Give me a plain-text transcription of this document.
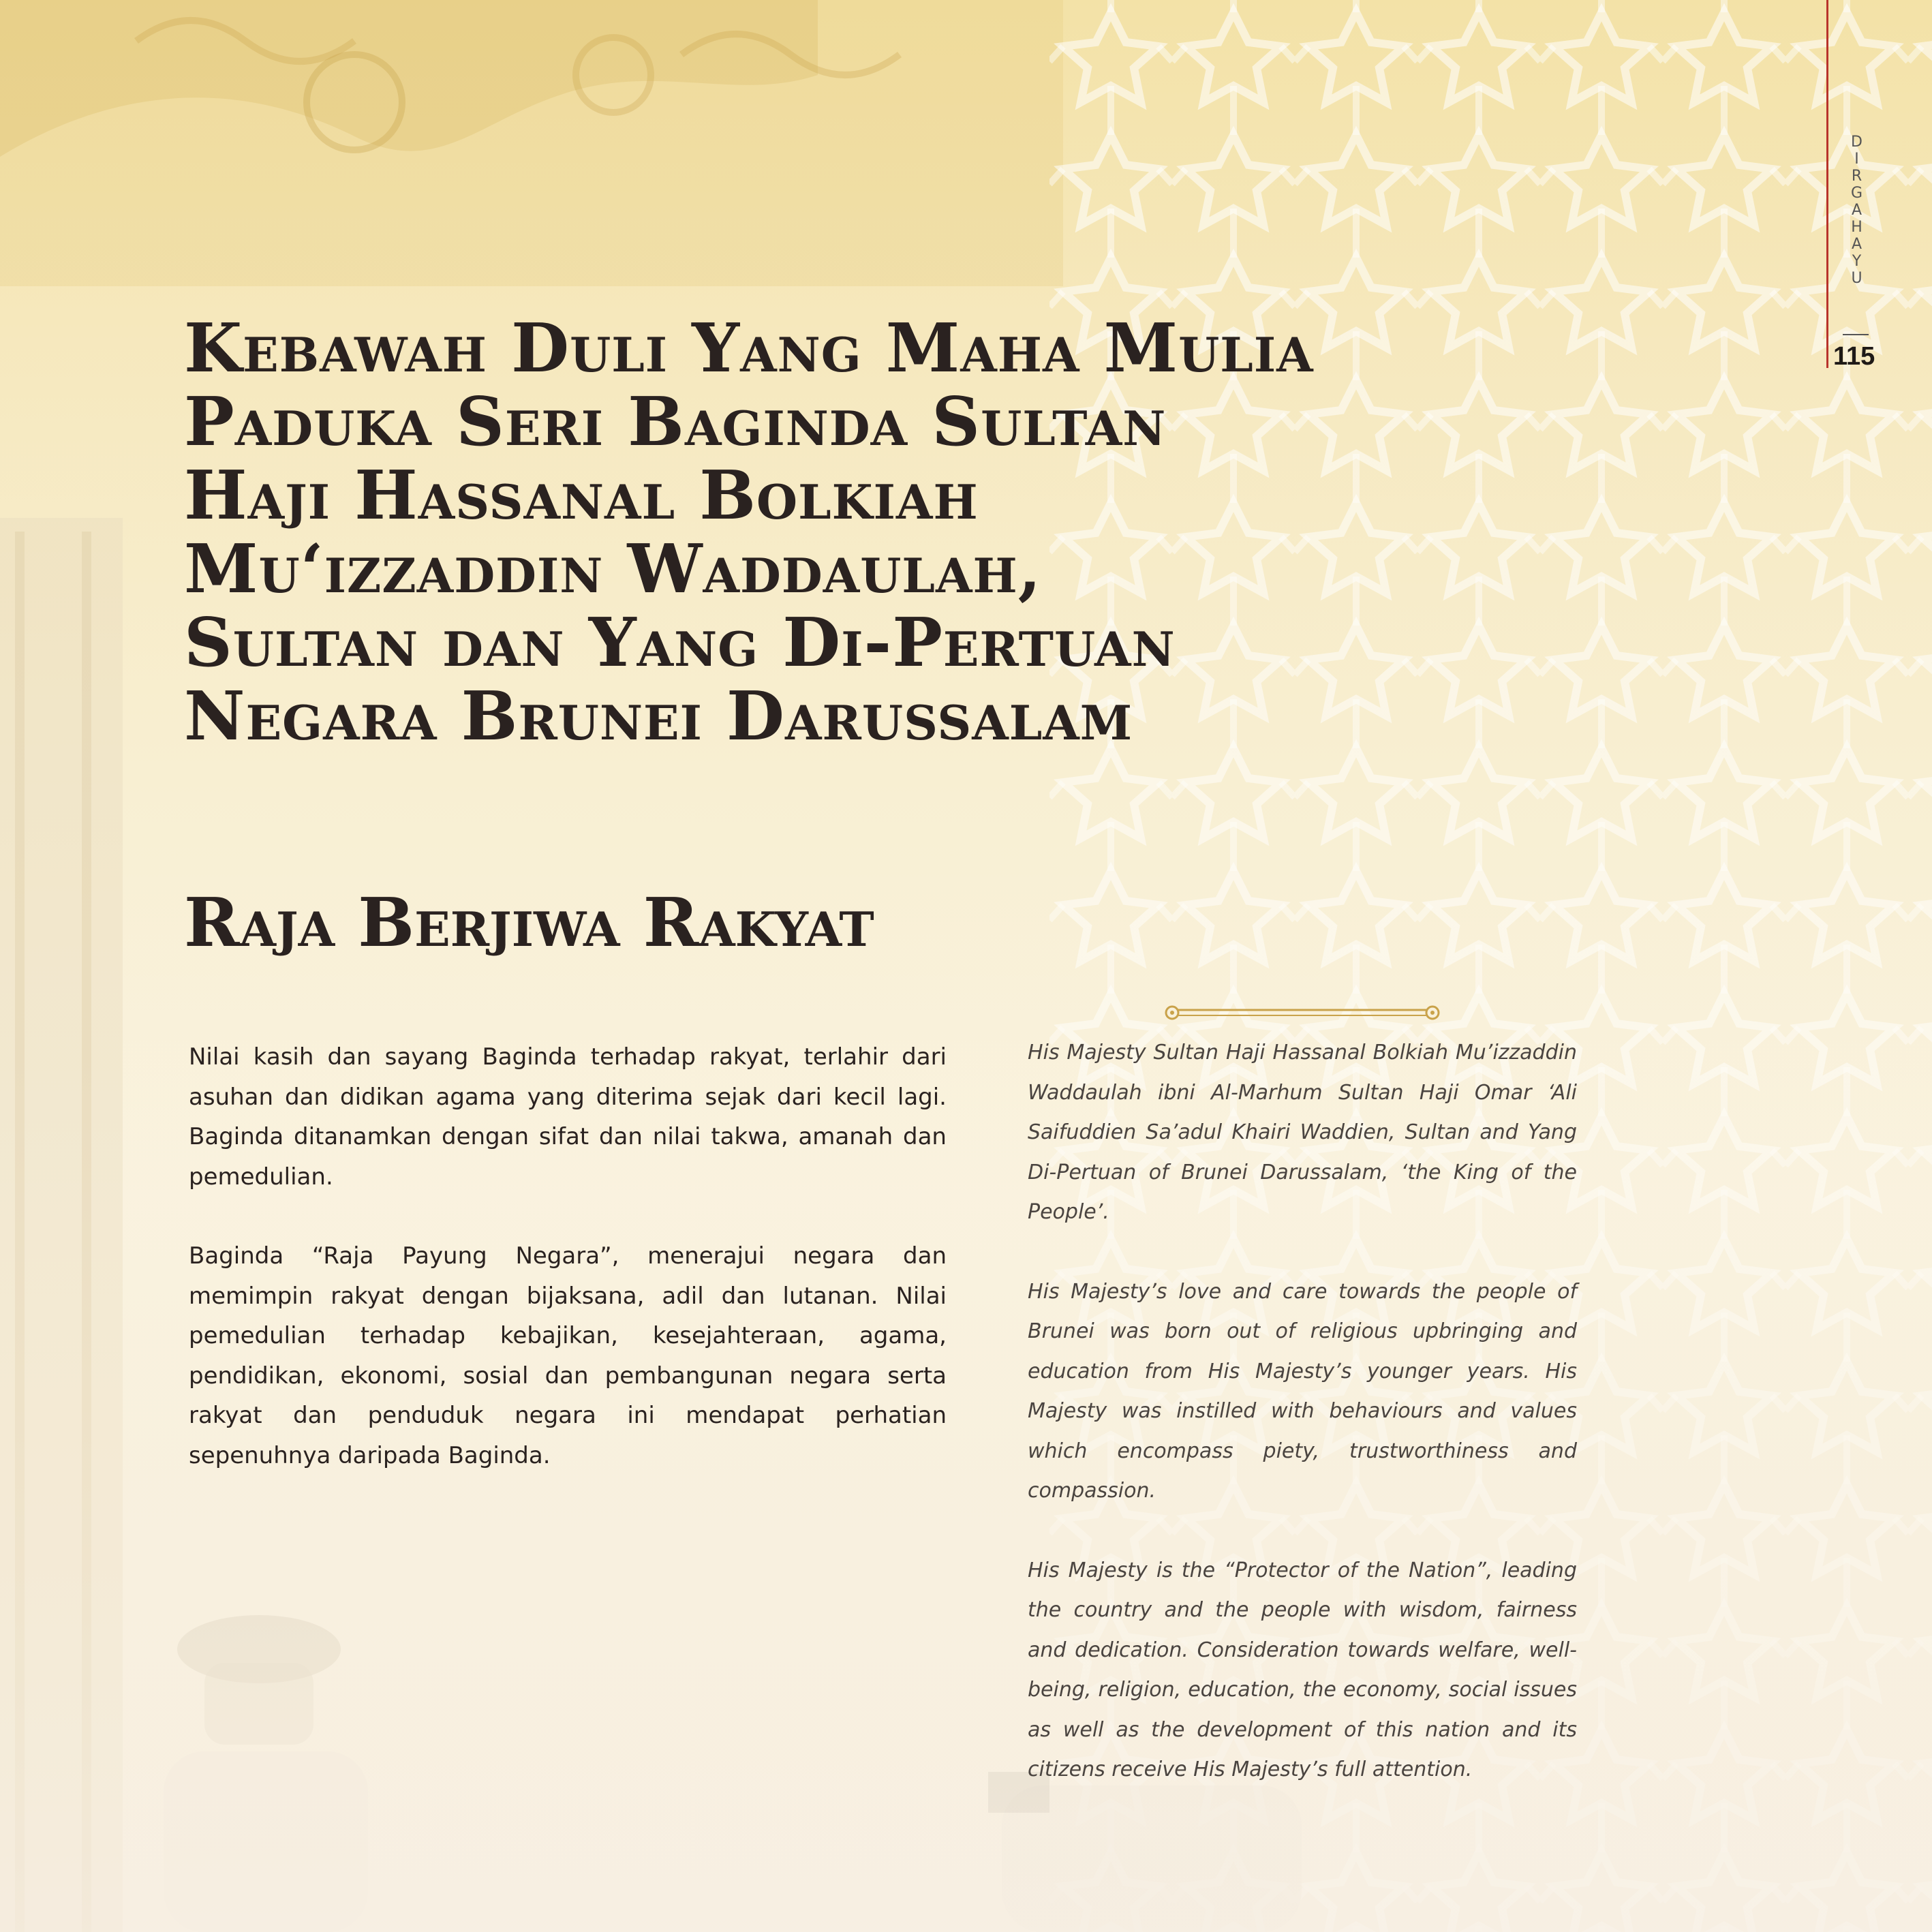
D
I
R
G
A
H
A
Y
U
115
Kebawah Duli Yang Maha Mulia
Paduka Seri Baginda Sultan
Haji Hassanal Bolkiah
Mu‘izzaddin Waddaulah,
Sultan dan Yang Di-Pertuan
Negara Brunei Darussalam
Raja Berjiwa Rakyat

Nilai kasih dan sayang Baginda terhadap rakyat, terlahir dari asuhan dan didikan agama yang diterima sejak dari kecil lagi. Baginda ditanamkan dengan sifat dan nilai takwa, amanah dan pemedulian.

Baginda “Raja Payung Negara”, menerajui negara dan memimpin rakyat dengan bijaksana, adil dan lutanan. Nilai pemedulian terhadap kebajikan, kesejahteraan, agama, pendidikan, ekonomi, sosial dan pembangunan negara serta rakyat dan penduduk negara ini mendapat perhatian sepenuhnya daripada Baginda.

His Majesty Sultan Haji Hassanal Bolkiah Mu’izzaddin Waddaulah ibni Al-Marhum Sultan Haji Omar ‘Ali Saifuddien Sa’adul Khairi Waddien, Sultan and Yang Di-Pertuan of Brunei Darussalam, ‘the King of the People’.

His Majesty’s love and care towards the people of Brunei was born out of religious upbringing and education from His Majesty’s younger years. His Majesty was instilled with behaviours and values which encompass piety, trustworthiness and compassion.

His Majesty is the “Protector of the Nation”, leading the country and the people with wisdom, fairness and dedication. Consideration towards welfare, well-being, religion, education, the economy, social issues as well as the development of this nation and its citizens receive His Majesty’s full attention.
